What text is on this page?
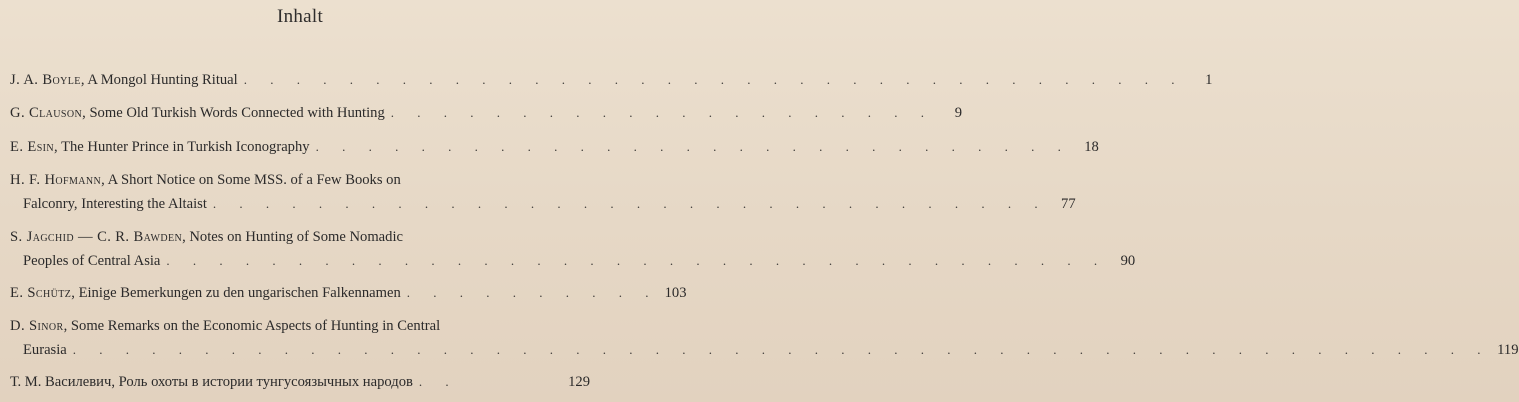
Inhalt
J. A. Boyle, A Mongol Hunting Ritual . . . . . . . . . . . . . . . . . . . . . . . . . . . . . . . . . . . .	1
G. Clauson, Some Old Turkish Words Connected with Hunting . . . . . . . . . . . . . . . . . . . . .	9
E. Esin, The Hunter Prince in Turkish Iconography . . . . . . . . . . . . . . . . . . . . . . . . . . . . . 18
H. F. Hofmann, A Short Notice on Some MSS. of a Few Books on
Falconry, Interesting the Altaist . . . . . . . . . . . . . . . . . . . . . . . . . . . . . . . . 77
S. Jagchid — C. R. Bawden, Notes on Hunting of Some Nomadic
Peoples of Central Asia . . . . . . . . . . . . . . . . . . . . . . . . . . . . . . . . . . . . 90
E. Schütz, Einige Bemerkungen zu den ungarischen Falkennamen . . . . . . . . . . 103
D. Sinor, Some Remarks on the Economic Aspects of Hunting in Central
Eurasia . . . . . . . . . . . . . . . . . . . . . . . . . . . . . . . . . . . . . . . . . . . . . . . . . . . . . . 119
Т. М. Василевич, Роль охоты в истории тунгусоязычных народов . .	129
